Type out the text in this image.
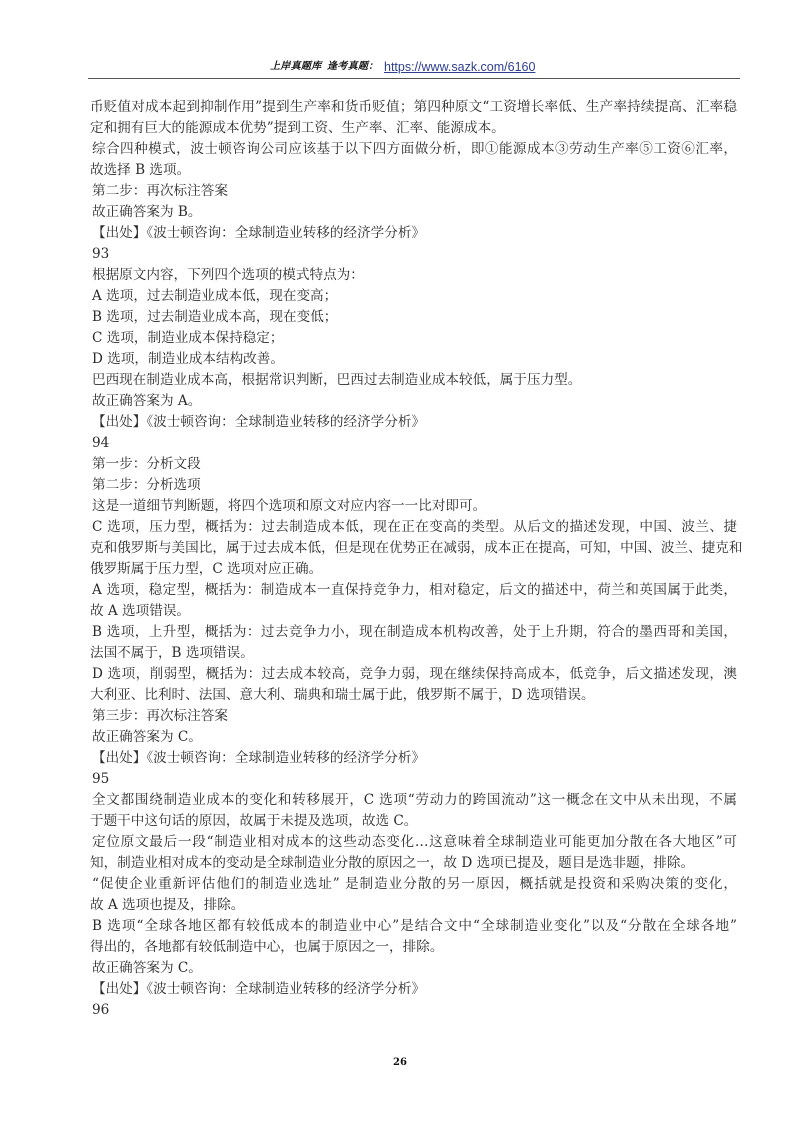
上岸真题库 逢考真题： https://www.sazk.com/6160
币贬值对成本起到抑制作用”提到生产率和货币贬值；第四种原文“工资增长率低、生产率持续提高、汇率稳
定和拥有巨大的能源成本优势”提到工资、生产率、汇率、能源成本。
综合四种模式，波士顿咨询公司应该基于以下四方面做分析，即①能源成本③劳动生产率⑤工资⑥汇率，
故选择 B 选项。
第二步：再次标注答案
故正确答案为 B。
【出处】《波士顿咨询：全球制造业转移的经济学分析》
93
根据原文内容，下列四个选项的模式特点为：
A 选项，过去制造业成本低，现在变高；
B 选项，过去制造业成本高，现在变低；
C 选项，制造业成本保持稳定；
D 选项，制造业成本结构改善。
巴西现在制造业成本高，根据常识判断，巴西过去制造业成本较低，属于压力型。
故正确答案为 A。
【出处】《波士顿咨询：全球制造业转移的经济学分析》
94
第一步：分析文段
第二步：分析选项
这是一道细节判断题，将四个选项和原文对应内容一一比对即可。
C 选项，压力型，概括为：过去制造成本低，现在正在变高的类型。从后文的描述发现，中国、波兰、捷
克和俄罗斯与美国比，属于过去成本低，但是现在优势正在减弱，成本正在提高，可知，中国、波兰、捷克和
俄罗斯属于压力型，C 选项对应正确。
A 选项，稳定型，概括为：制造成本一直保持竞争力，相对稳定，后文的描述中，荷兰和英国属于此类，
故 A 选项错误。
B 选项，上升型，概括为：过去竞争力小，现在制造成本机构改善，处于上升期，符合的墨西哥和美国，
法国不属于，B 选项错误。
D 选项，削弱型，概括为：过去成本较高，竞争力弱，现在继续保持高成本，低竞争，后文描述发现，澳
大利亚、比利时、法国、意大利、瑞典和瑞士属于此，俄罗斯不属于，D 选项错误。
第三步：再次标注答案
故正确答案为 C。
【出处】《波士顿咨询：全球制造业转移的经济学分析》
95
全文都围绕制造业成本的变化和转移展开，C 选项“劳动力的跨国流动”这一概念在文中从未出现，不属
于题干中这句话的原因，故属于未提及选项，故选 C。
定位原文最后一段“制造业相对成本的这些动态变化…这意味着全球制造业可能更加分散在各大地区”可
知，制造业相对成本的变动是全球制造业分散的原因之一，故 D 选项已提及，题目是选非题，排除。
“促使企业重新评估他们的制造业选址” 是制造业分散的另一原因，概括就是投资和采购决策的变化，
故 A 选项也提及，排除。
B 选项“全球各地区都有较低成本的制造业中心”是结合文中“全球制造业变化”以及“分散在全球各地”
得出的，各地都有较低制造中心，也属于原因之一，排除。
故正确答案为 C。
【出处】《波士顿咨询：全球制造业转移的经济学分析》
96
26
